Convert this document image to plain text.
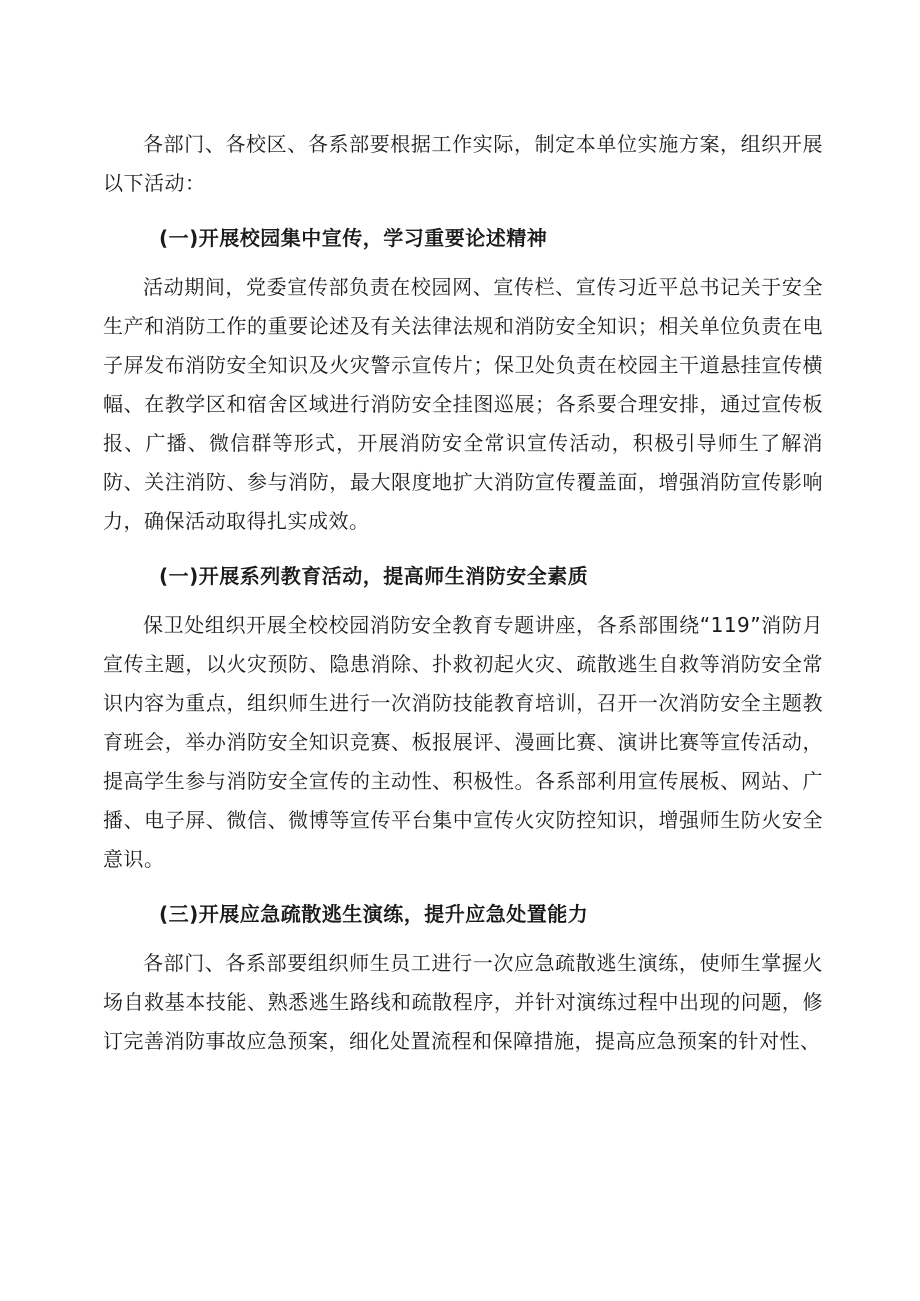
各部门、各校区、各系部要根据工作实际，制定本单位实施方案，组织开展以下活动：

(一)开展校园集中宣传，学习重要论述精神

活动期间，党委宣传部负责在校园网、宣传栏、宣传习近平总书记关于安全生产和消防工作的重要论述及有关法律法规和消防安全知识；相关单位负责在电子屏发布消防安全知识及火灾警示宣传片；保卫处负责在校园主干道悬挂宣传横幅、在教学区和宿舍区域进行消防安全挂图巡展；各系要合理安排，通过宣传板报、广播、微信群等形式，开展消防安全常识宣传活动，积极引导师生了解消防、关注消防、参与消防，最大限度地扩大消防宣传覆盖面，增强消防宣传影响力，确保活动取得扎实成效。

(一)开展系列教育活动，提高师生消防安全素质

保卫处组织开展全校校园消防安全教育专题讲座，各系部围绕“119”消防月宣传主题，以火灾预防、隐患消除、扑救初起火灾、疏散逃生自救等消防安全常识内容为重点，组织师生进行一次消防技能教育培训，召开一次消防安全主题教育班会，举办消防安全知识竞赛、板报展评、漫画比赛、演讲比赛等宣传活动，提高学生参与消防安全宣传的主动性、积极性。各系部利用宣传展板、网站、广播、电子屏、微信、微博等宣传平台集中宣传火灾防控知识，增强师生防火安全意识。

(三)开展应急疏散逃生演练，提升应急处置能力

各部门、各系部要组织师生员工进行一次应急疏散逃生演练，使师生掌握火场自救基本技能、熟悉逃生路线和疏散程序，并针对演练过程中出现的问题，修订完善消防事故应急预案，细化处置流程和保障措施，提高应急预案的针对性、
